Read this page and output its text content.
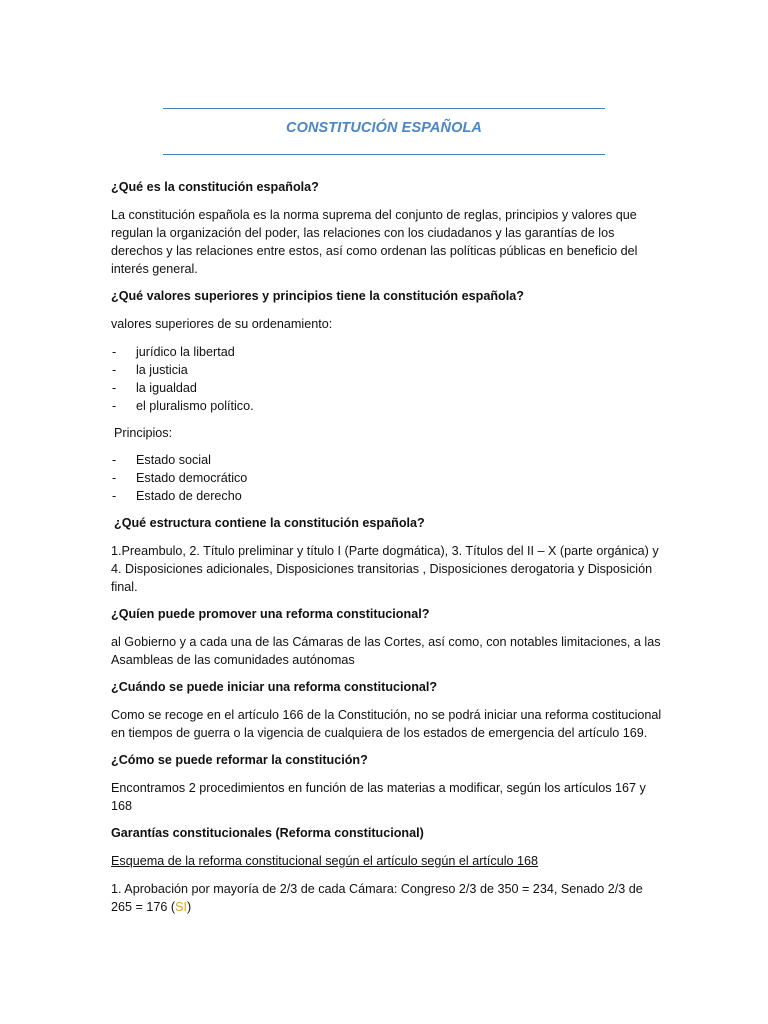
CONSTITUCIÓN ESPAÑOLA

¿Qué es la constitución española?

La constitución española es la norma suprema del conjunto de reglas, principios y valores que regulan la organización del poder, las relaciones con los ciudadanos y las garantías de los derechos y las relaciones entre estos, así como ordenan las políticas públicas en beneficio del interés general.

¿Qué valores superiores y principios tiene la constitución española?

valores superiores de su ordenamiento:

- jurídico la libertad
- la justicia
- la igualdad
- el pluralismo político.

Principios:

- Estado social
- Estado democrático
- Estado de derecho

¿Qué estructura contiene la constitución española?

1.Preambulo, 2. Título preliminar y título I (Parte dogmática), 3. Títulos del II – X (parte orgánica) y 4. Disposiciones adicionales, Disposiciones transitorias , Disposiciones derogatoria y Disposición final.

¿Quíen puede promover una reforma constitucional?

al Gobierno y a cada una de las Cámaras de las Cortes, así como, con notables limitaciones, a las Asambleas de las comunidades autónomas

¿Cuándo se puede iniciar una reforma constitucional?

Como se recoge en el artículo 166 de la Constitución, no se podrá iniciar una reforma costitucional en tiempos de guerra o la vigencia de cualquiera de los estados de emergencia del artículo 169.

¿Cómo se puede reformar la constitución?

Encontramos 2 procedimientos en función de las materias a modificar, según los artículos 167 y 168

Garantías constitucionales (Reforma constitucional)

Esquema de la reforma constitucional según el artículo según el artículo 168

1. Aprobación por mayoría de 2/3 de cada Cámara: Congreso 2/3 de 350 = 234, Senado 2/3 de 265 = 176 (SI)
